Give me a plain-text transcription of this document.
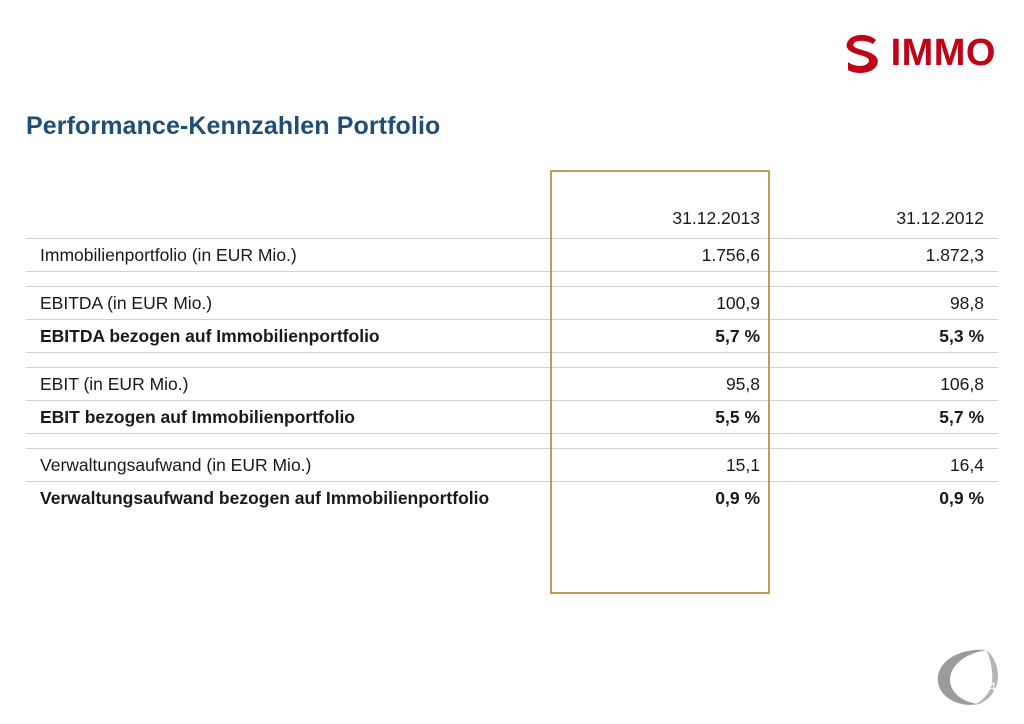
IMMO
Performance-Kennzahlen Portfolio
	31.12.2013	31.12.2012
Immobilienportfolio (in EUR Mio.)	1.756,6	1.872,3

EBITDA (in EUR Mio.)	100,9	98,8
EBITDA bezogen auf Immobilienportfolio	5,7 %	5,3 %

EBIT (in EUR Mio.)	95,8	106,8
EBIT bezogen auf Immobilienportfolio	5,5 %	5,7 %

Verwaltungsaufwand (in EUR Mio.)	15,1	16,4
Verwaltungsaufwand bezogen auf Immobilienportfolio	0,9 %	0,9 %
14
